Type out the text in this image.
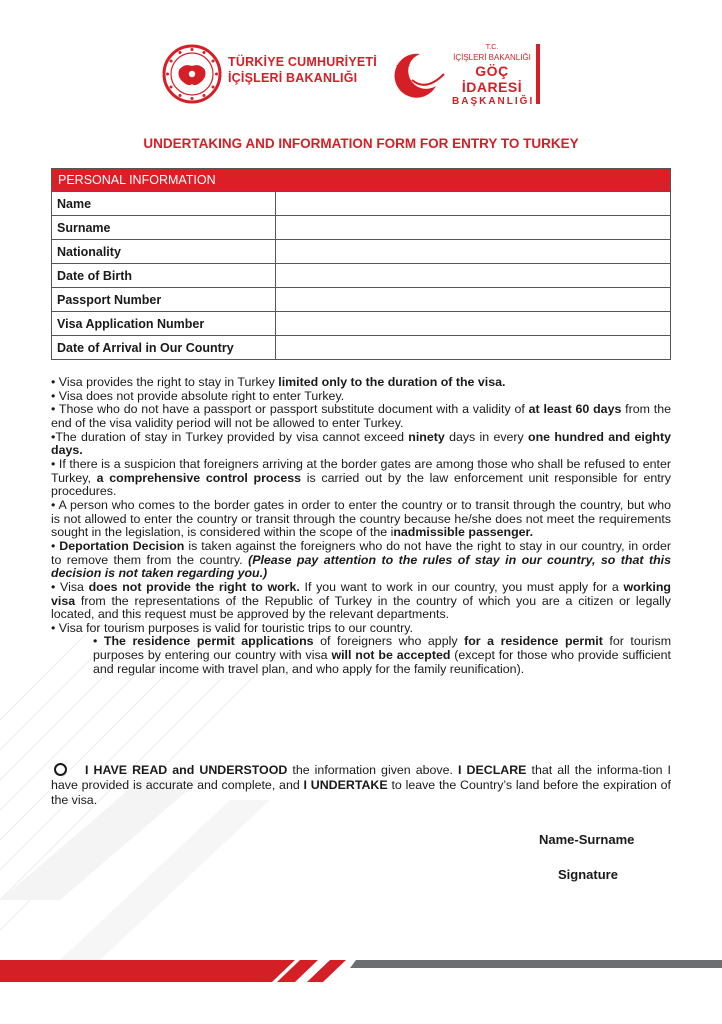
TÜRKİYE CUMHURİYETİ
İÇİŞLERİ BAKANLIĞI
T.C.
İÇİŞLERİ BAKANLIĞI
GÖÇ İDARESİ
BAŞKANLIĞI
UNDERTAKING AND INFORMATION FORM FOR ENTRY TO TURKEY
PERSONAL INFORMATION	
Name	
Surname	
Nationality	
Date of Birth	
Passport Number	
Visa Application Number	
Date of Arrival in Our Country	

• Visa provides the right to stay in Turkey limited only to the duration of the visa.

• Visa does not provide absolute right to enter Turkey.

• Those who do not have a passport or passport substitute document with a validity of at least 60 days from the end of the visa validity period will not be allowed to enter Turkey.

•The duration of stay in Turkey provided by visa cannot exceed ninety days in every one hundred and eighty days.

• If there is a suspicion that foreigners arriving at the border gates are among those who shall be refused to enter Turkey, a comprehensive control process is carried out by the law enforcement unit responsible for entry procedures.

• A person who comes to the border gates in order to enter the country or to transit through the country, but who is not allowed to enter the country or transit through the country because he/she does not meet the requirements sought in the legislation, is considered within the scope of the inadmissible passenger.

• Deportation Decision is taken against the foreigners who do not have the right to stay in our country, in order to remove them from the country. (Please pay attention to the rules of stay in our country, so that this decision is not taken regarding you.)

• Visa does not provide the right to work. If you want to work in our country, you must apply for a working visa from the representations of the Republic of Turkey in the country of which you are a citizen or legally located, and this request must be approved by the relevant departments.

• Visa for tourism purposes is valid for touristic trips to our country.

• The residence permit applications of foreigners who apply for a residence permit for tourism purposes by entering our country with visa will not be accepted (except for those who provide sufficient and regular income with travel plan, and who apply for the family reunification).

I HAVE READ and UNDERSTOOD the information given above. I DECLARE that all the informa-tion I have provided is accurate and complete, and I UNDERTAKE to leave the Country’s land before the expiration of the visa.
Name-Surname
Signature
